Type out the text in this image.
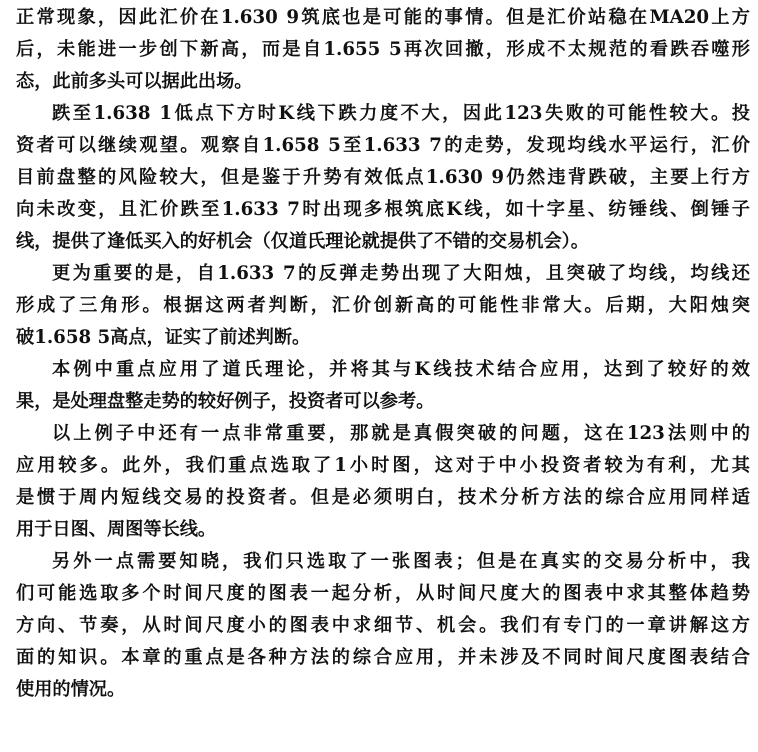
正常现象，因此汇价在1.630 9筑底也是可能的事情。但是汇价站稳在MA20上方
后，未能进一步创下新高，而是自1.655 5再次回撤，形成不太规范的看跌吞噬形
态，此前多头可以据此出场。
跌至1.638 1低点下方时K线下跌力度不大，因此123失败的可能性较大。投
资者可以继续观望。观察自1.658 5至1.633 7的走势，发现均线水平运行，汇价
目前盘整的风险较大，但是鉴于升势有效低点1.630 9仍然违背跌破，主要上行方
向未改变，且汇价跌至1.633 7时出现多根筑底K线，如十字星、纺锤线、倒锤子
线，提供了逢低买入的好机会（仅道氏理论就提供了不错的交易机会）。
更为重要的是，自1.633 7的反弹走势出现了大阳烛，且突破了均线，均线还
形成了三角形。根据这两者判断，汇价创新高的可能性非常大。后期，大阳烛突
破1.658 5高点，证实了前述判断。
本例中重点应用了道氏理论，并将其与K线技术结合应用，达到了较好的效
果，是处理盘整走势的较好例子，投资者可以参考。
以上例子中还有一点非常重要，那就是真假突破的问题，这在123法则中的
应用较多。此外，我们重点选取了1小时图，这对于中小投资者较为有利，尤其
是惯于周内短线交易的投资者。但是必须明白，技术分析方法的综合应用同样适
用于日图、周图等长线。
另外一点需要知晓，我们只选取了一张图表；但是在真实的交易分析中，我
们可能选取多个时间尺度的图表一起分析，从时间尺度大的图表中求其整体趋势
方向、节奏，从时间尺度小的图表中求细节、机会。我们有专门的一章讲解这方
面的知识。本章的重点是各种方法的综合应用，并未涉及不同时间尺度图表结合
使用的情况。
